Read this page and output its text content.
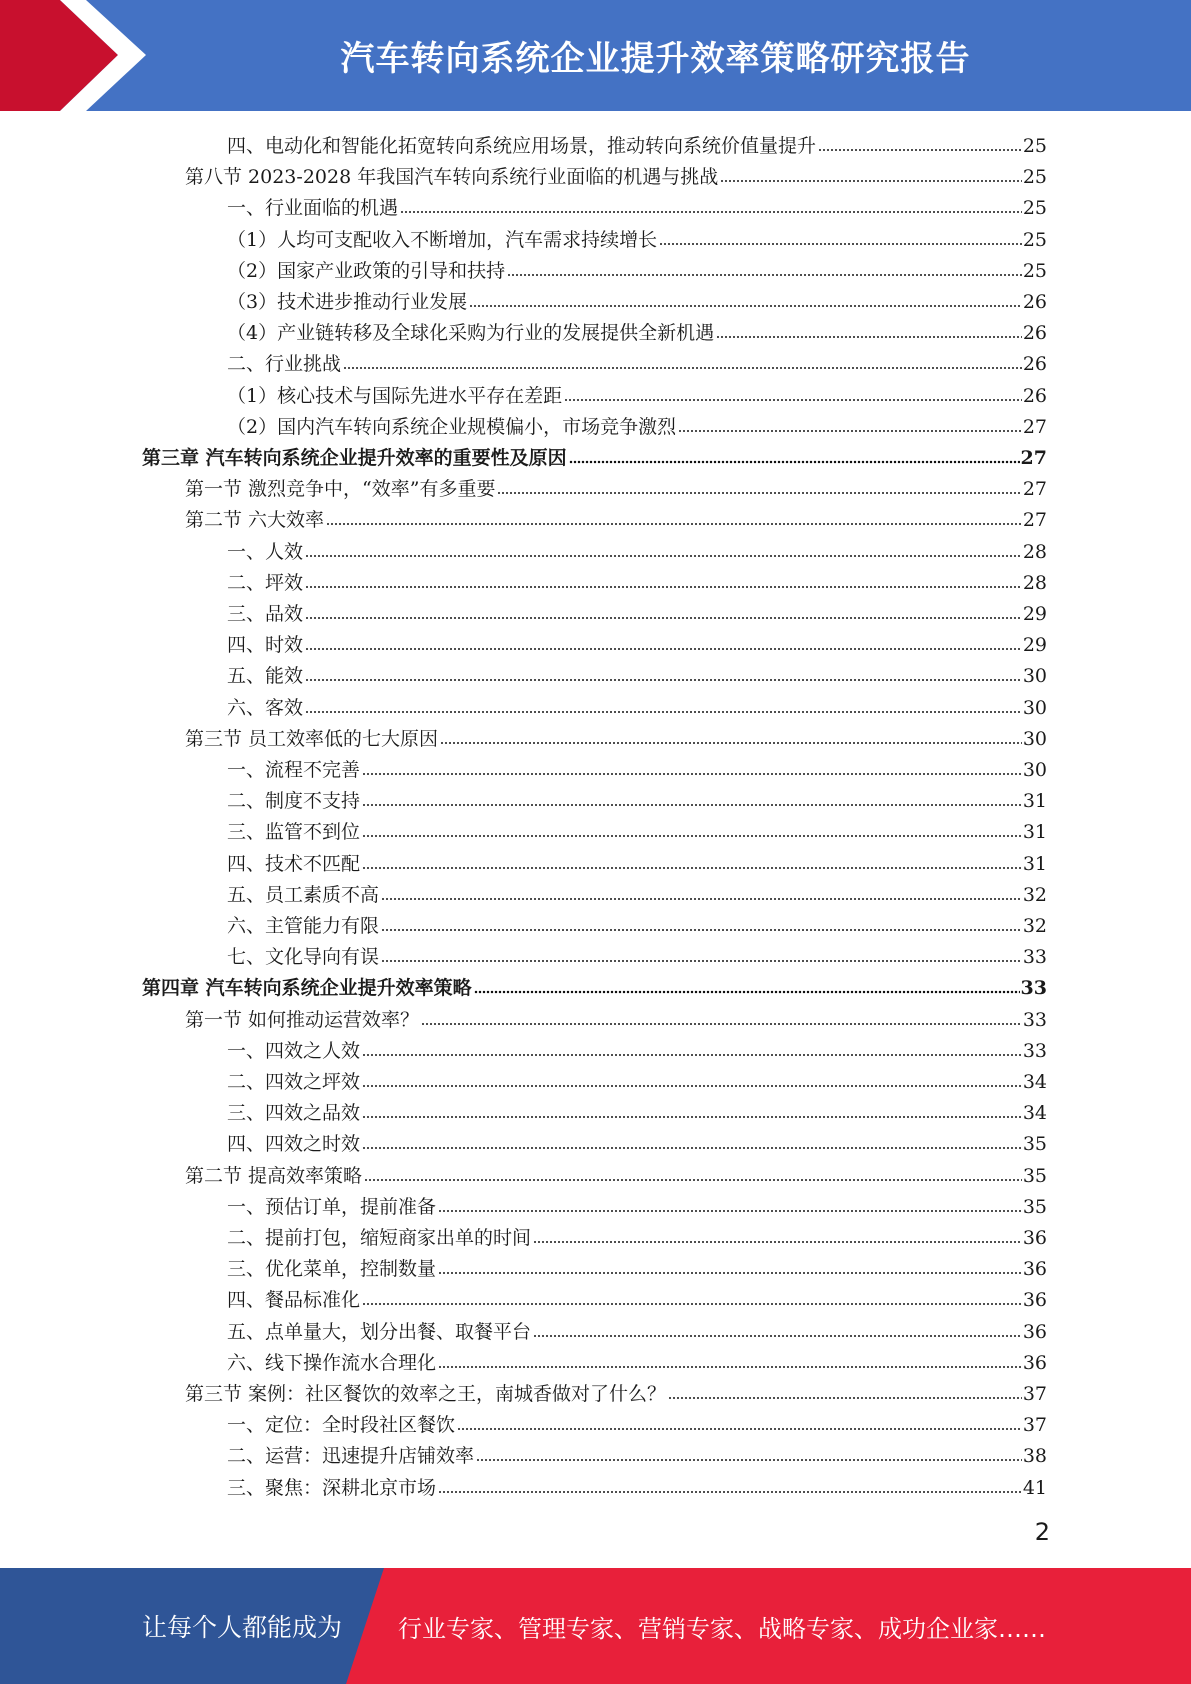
汽车转向系统企业提升效率策略研究报告
四、电动化和智能化拓宽转向系统应用场景，推动转向系统价值量提升	25
第八节 2023-2028 年我国汽车转向系统行业面临的机遇与挑战	25
一、行业面临的机遇	25
（1）人均可支配收入不断增加，汽车需求持续增长	25
（2）国家产业政策的引导和扶持	25
（3）技术进步推动行业发展	26
（4）产业链转移及全球化采购为行业的发展提供全新机遇	26
二、行业挑战	26
（1）核心技术与国际先进水平存在差距	26
（2）国内汽车转向系统企业规模偏小，市场竞争激烈	27
第三章 汽车转向系统企业提升效率的重要性及原因	27
第一节 激烈竞争中，“效率”有多重要	27
第二节 六大效率	27
一、人效	28
二、坪效	28
三、品效	29
四、时效	29
五、能效	30
六、客效	30
第三节 员工效率低的七大原因	30
一、流程不完善	30
二、制度不支持	31
三、监管不到位	31
四、技术不匹配	31
五、员工素质不高	32
六、主管能力有限	32
七、文化导向有误	33
第四章 汽车转向系统企业提升效率策略	33
第一节 如何推动运营效率？	33
一、四效之人效	33
二、四效之坪效	34
三、四效之品效	34
四、四效之时效	35
第二节 提高效率策略	35
一、预估订单，提前准备	35
二、提前打包，缩短商家出单的时间	36
三、优化菜单，控制数量	36
四、餐品标准化	36
五、点单量大，划分出餐、取餐平台	36
六、线下操作流水合理化	36
第三节 案例：社区餐饮的效率之王，南城香做对了什么？	37
一、定位：全时段社区餐饮	37
二、运营：迅速提升店铺效率	38
三、聚焦：深耕北京市场	41
2
让每个人都能成为 行业专家、管理专家、营销专家、战略专家、成功企业家……
